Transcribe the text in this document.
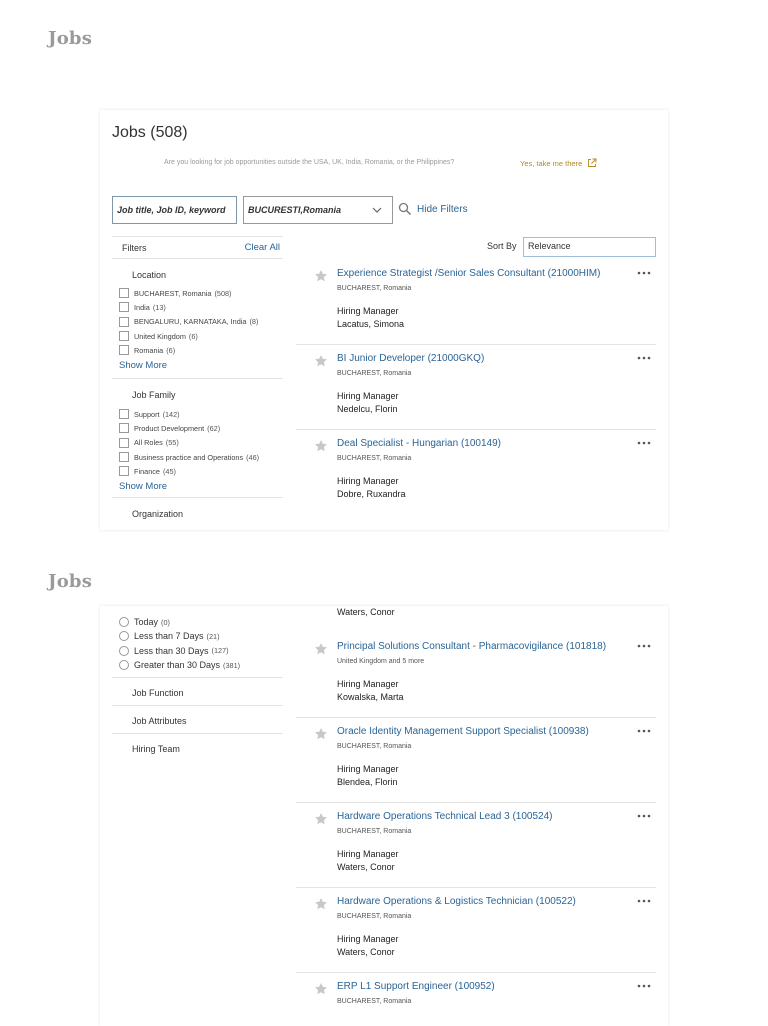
Jobs
Jobs (508)
Are you looking for job opportunities outside the USA, UK, India, Romania, or the Philippines?	Yes, take me there
Job title, Job ID, keyword
BUCURESTI,Romania	Hide Filters
Filters	Clear All	Sort By	Relevance
Location
BUCHAREST, Romania (508)
India (13)
BENGALURU, KARNATAKA, India (8)
United Kingdom (6)
Romania (6)
Show More
Job Family
Support (142)
Product Development (62)
All Roles (55)
Business practice and Operations (46)
Finance (45)
Show More
Organization
Experience Strategist /Senior Sales Consultant (21000HIM)
BUCHAREST, Romania
Hiring Manager
Lacatus, Simona
BI Junior Developer (21000GKQ)
BUCHAREST, Romania
Hiring Manager
Nedelcu, Florin
Deal Specialist - Hungarian (100149)
BUCHAREST, Romania
Hiring Manager
Dobre, Ruxandra
Jobs
Today (0)
Less than 7 Days (21)
Less than 30 Days (127)
Greater than 30 Days (381)
Job Function
Job Attributes
Hiring Team
Waters, Conor
Principal Solutions Consultant - Pharmacovigilance (101818)
United Kingdom and 5 more
Hiring Manager
Kowalska, Marta
Oracle Identity Management Support Specialist (100938)
BUCHAREST, Romania
Hiring Manager
Blendea, Florin
Hardware Operations Technical Lead 3 (100524)
BUCHAREST, Romania
Hiring Manager
Waters, Conor
Hardware Operations & Logistics Technician (100522)
BUCHAREST, Romania
Hiring Manager
Waters, Conor
ERP L1 Support Engineer (100952)
BUCHAREST, Romania
